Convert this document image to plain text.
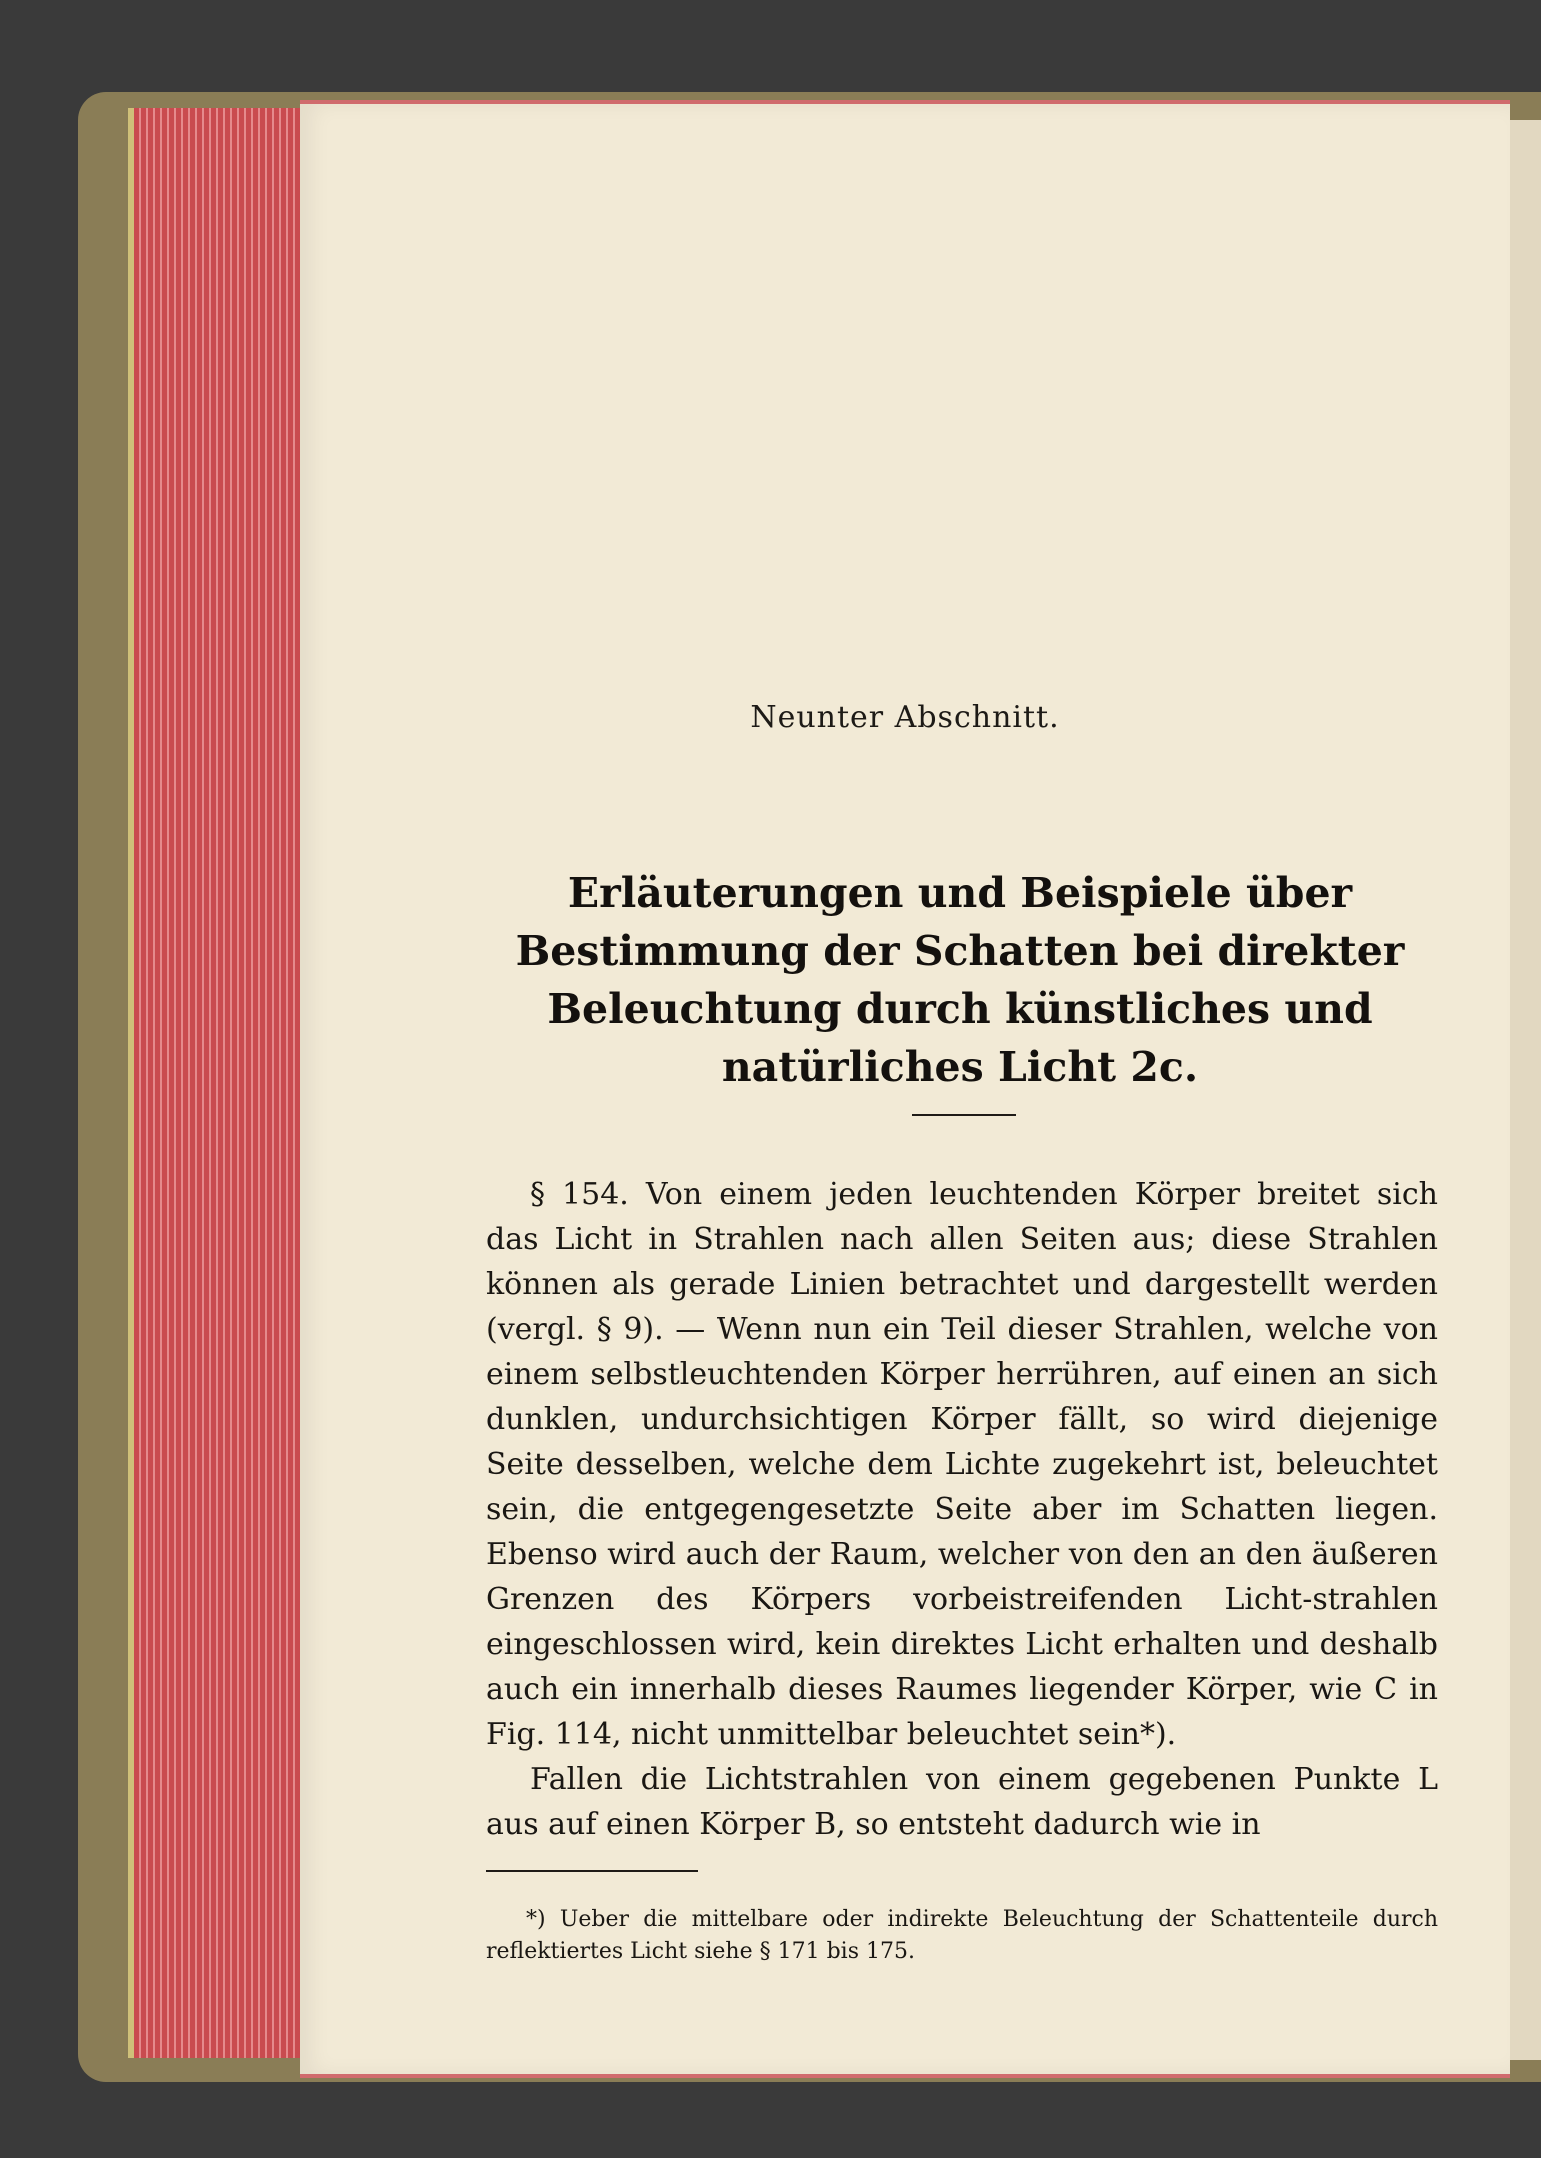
Neunter Abschnitt.
Erläuterungen und Beispiele über Bestimmung der Schatten bei direkter Beleuchtung durch künstliches und natürliches Licht 2c.

§ 154. Von einem jeden leuchtenden Körper breitet sich das Licht in Strahlen nach allen Seiten aus; diese Strahlen können als gerade Linien betrachtet und dargestellt werden (vergl. § 9). — Wenn nun ein Teil dieser Strahlen, welche von einem selbstleuchtenden Körper herrühren, auf einen an sich dunklen, undurchsichtigen Körper fällt, so wird diejenige Seite desselben, welche dem Lichte zugekehrt ist, beleuchtet sein, die entgegengesetzte Seite aber im Schatten liegen. Ebenso wird auch der Raum, welcher von den an den äußeren Grenzen des Körpers vorbeistreifenden Licht-strahlen eingeschlossen wird, kein direktes Licht erhalten und deshalb auch ein innerhalb dieses Raumes liegender Körper, wie C in Fig. 114, nicht unmittelbar beleuchtet sein*).

Fallen die Lichtstrahlen von einem gegebenen Punkte L aus auf einen Körper B, so entsteht dadurch wie in

*) Ueber die mittelbare oder indirekte Beleuchtung der Schattenteile durch reflektiertes Licht siehe § 171 bis 175.
